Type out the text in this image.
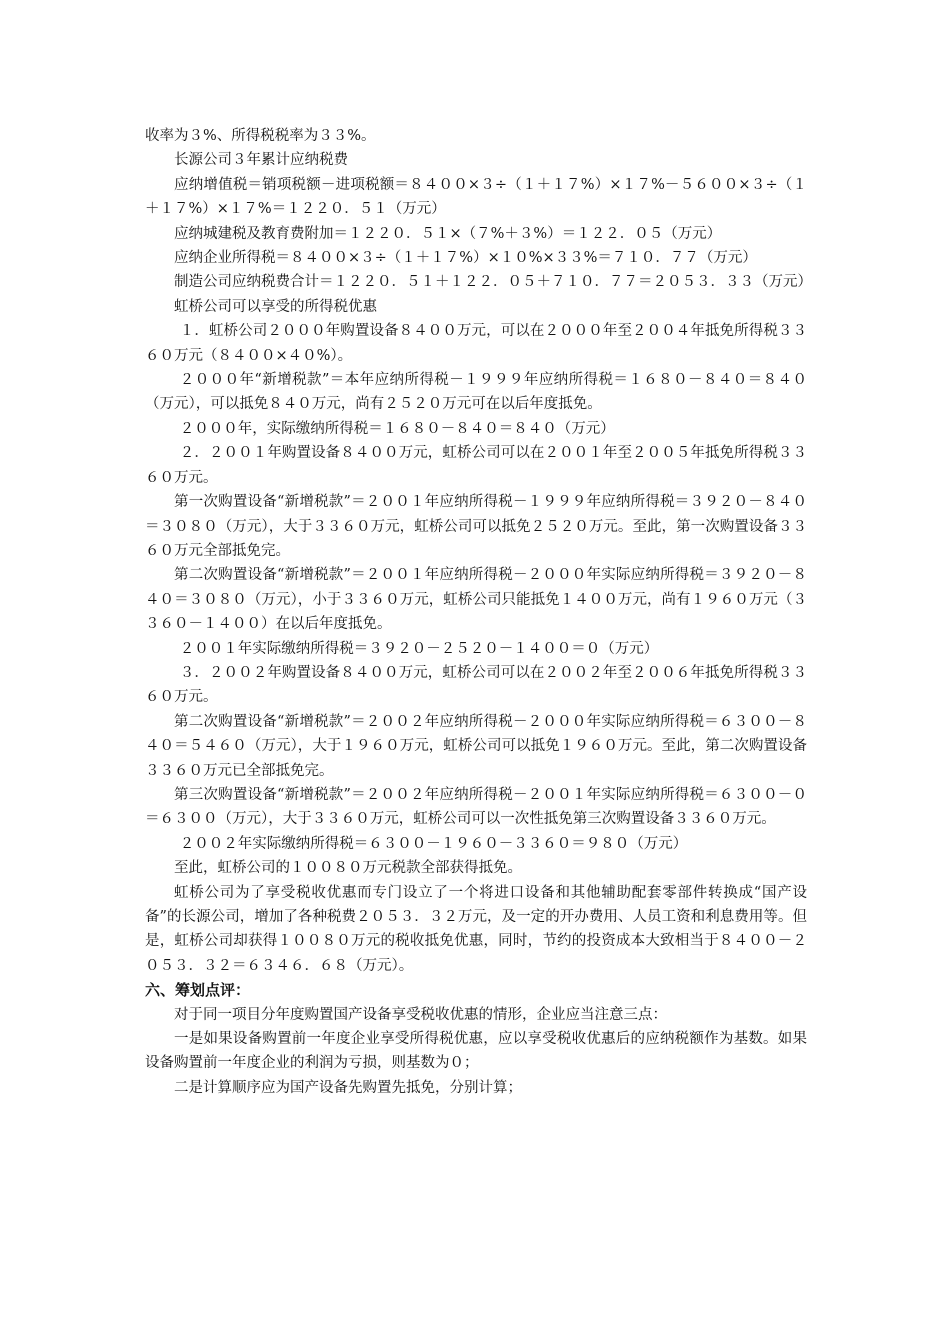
收率为３%、所得税税率为３３%。

长源公司３年累计应纳税费

应纳增值税＝销项税额－进项税额＝８４００×３÷（１＋１７%）×１７%－５６００×３÷（１＋１７%）×１７%＝１２２０．５１（万元）

应纳城建税及教育费附加＝１２２０．５１×（７%＋３%）＝１２２．０５（万元）

应纳企业所得税＝８４００×３÷（１＋１７%）×１０%×３３%＝７１０．７７（万元）

制造公司应纳税费合计＝１２２０．５１＋１２２．０５＋７１０．７７＝２０５３．３３（万元）

虹桥公司可以享受的所得税优惠

１．虹桥公司２０００年购置设备８４００万元，可以在２０００年至２００４年抵免所得税３３６０万元（８４００×４０%）。

２０００年“新增税款”＝本年应纳所得税－１９９９年应纳所得税＝１６８０－８４０＝８４０（万元），可以抵免８４０万元，尚有２５２０万元可在以后年度抵免。

２０００年，实际缴纳所得税＝１６８０－８４０＝８４０（万元）

２．２００１年购置设备８４００万元，虹桥公司可以在２００１年至２００５年抵免所得税３３６０万元。

第一次购置设备“新增税款”＝２００１年应纳所得税－１９９９年应纳所得税＝３９２０－８４０＝３０８０（万元），大于３３６０万元，虹桥公司可以抵免２５２０万元。至此，第一次购置设备３３６０万元全部抵免完。

第二次购置设备“新增税款”＝２００１年应纳所得税－２０００年实际应纳所得税＝３９２０－８４０＝３０８０（万元），小于３３６０万元，虹桥公司只能抵免１４００万元，尚有１９６０万元（３３６０－１４００）在以后年度抵免。

２００１年实际缴纳所得税＝３９２０－２５２０－１４００＝０（万元）

３．２００２年购置设备８４００万元，虹桥公司可以在２００２年至２００６年抵免所得税３３６０万元。

第二次购置设备“新增税款”＝２００２年应纳所得税－２０００年实际应纳所得税＝６３００－８４０＝５４６０（万元），大于１９６０万元，虹桥公司可以抵免１９６０万元。至此，第二次购置设备３３６０万元已全部抵免完。

第三次购置设备“新增税款”＝２００２年应纳所得税－２００１年实际应纳所得税＝６３００－０＝６３００（万元），大于３３６０万元，虹桥公司可以一次性抵免第三次购置设备３３６０万元。

２００２年实际缴纳所得税＝６３００－１９６０－３３６０＝９８０（万元）

至此，虹桥公司的１００８０万元税款全部获得抵免。

虹桥公司为了享受税收优惠而专门设立了一个将进口设备和其他辅助配套零部件转换成“国产设备”的长源公司，增加了各种税费２０５３．３２万元，及一定的开办费用、人员工资和利息费用等。但是，虹桥公司却获得１００８０万元的税收抵免优惠，同时，节约的投资成本大致相当于８４００－２０５３．３２＝６３４６．６８（万元）。

六、筹划点评：

对于同一项目分年度购置国产设备享受税收优惠的情形，企业应当注意三点：

一是如果设备购置前一年度企业享受所得税优惠，应以享受税收优惠后的应纳税额作为基数。如果设备购置前一年度企业的利润为亏损，则基数为０；

二是计算顺序应为国产设备先购置先抵免，分别计算；
